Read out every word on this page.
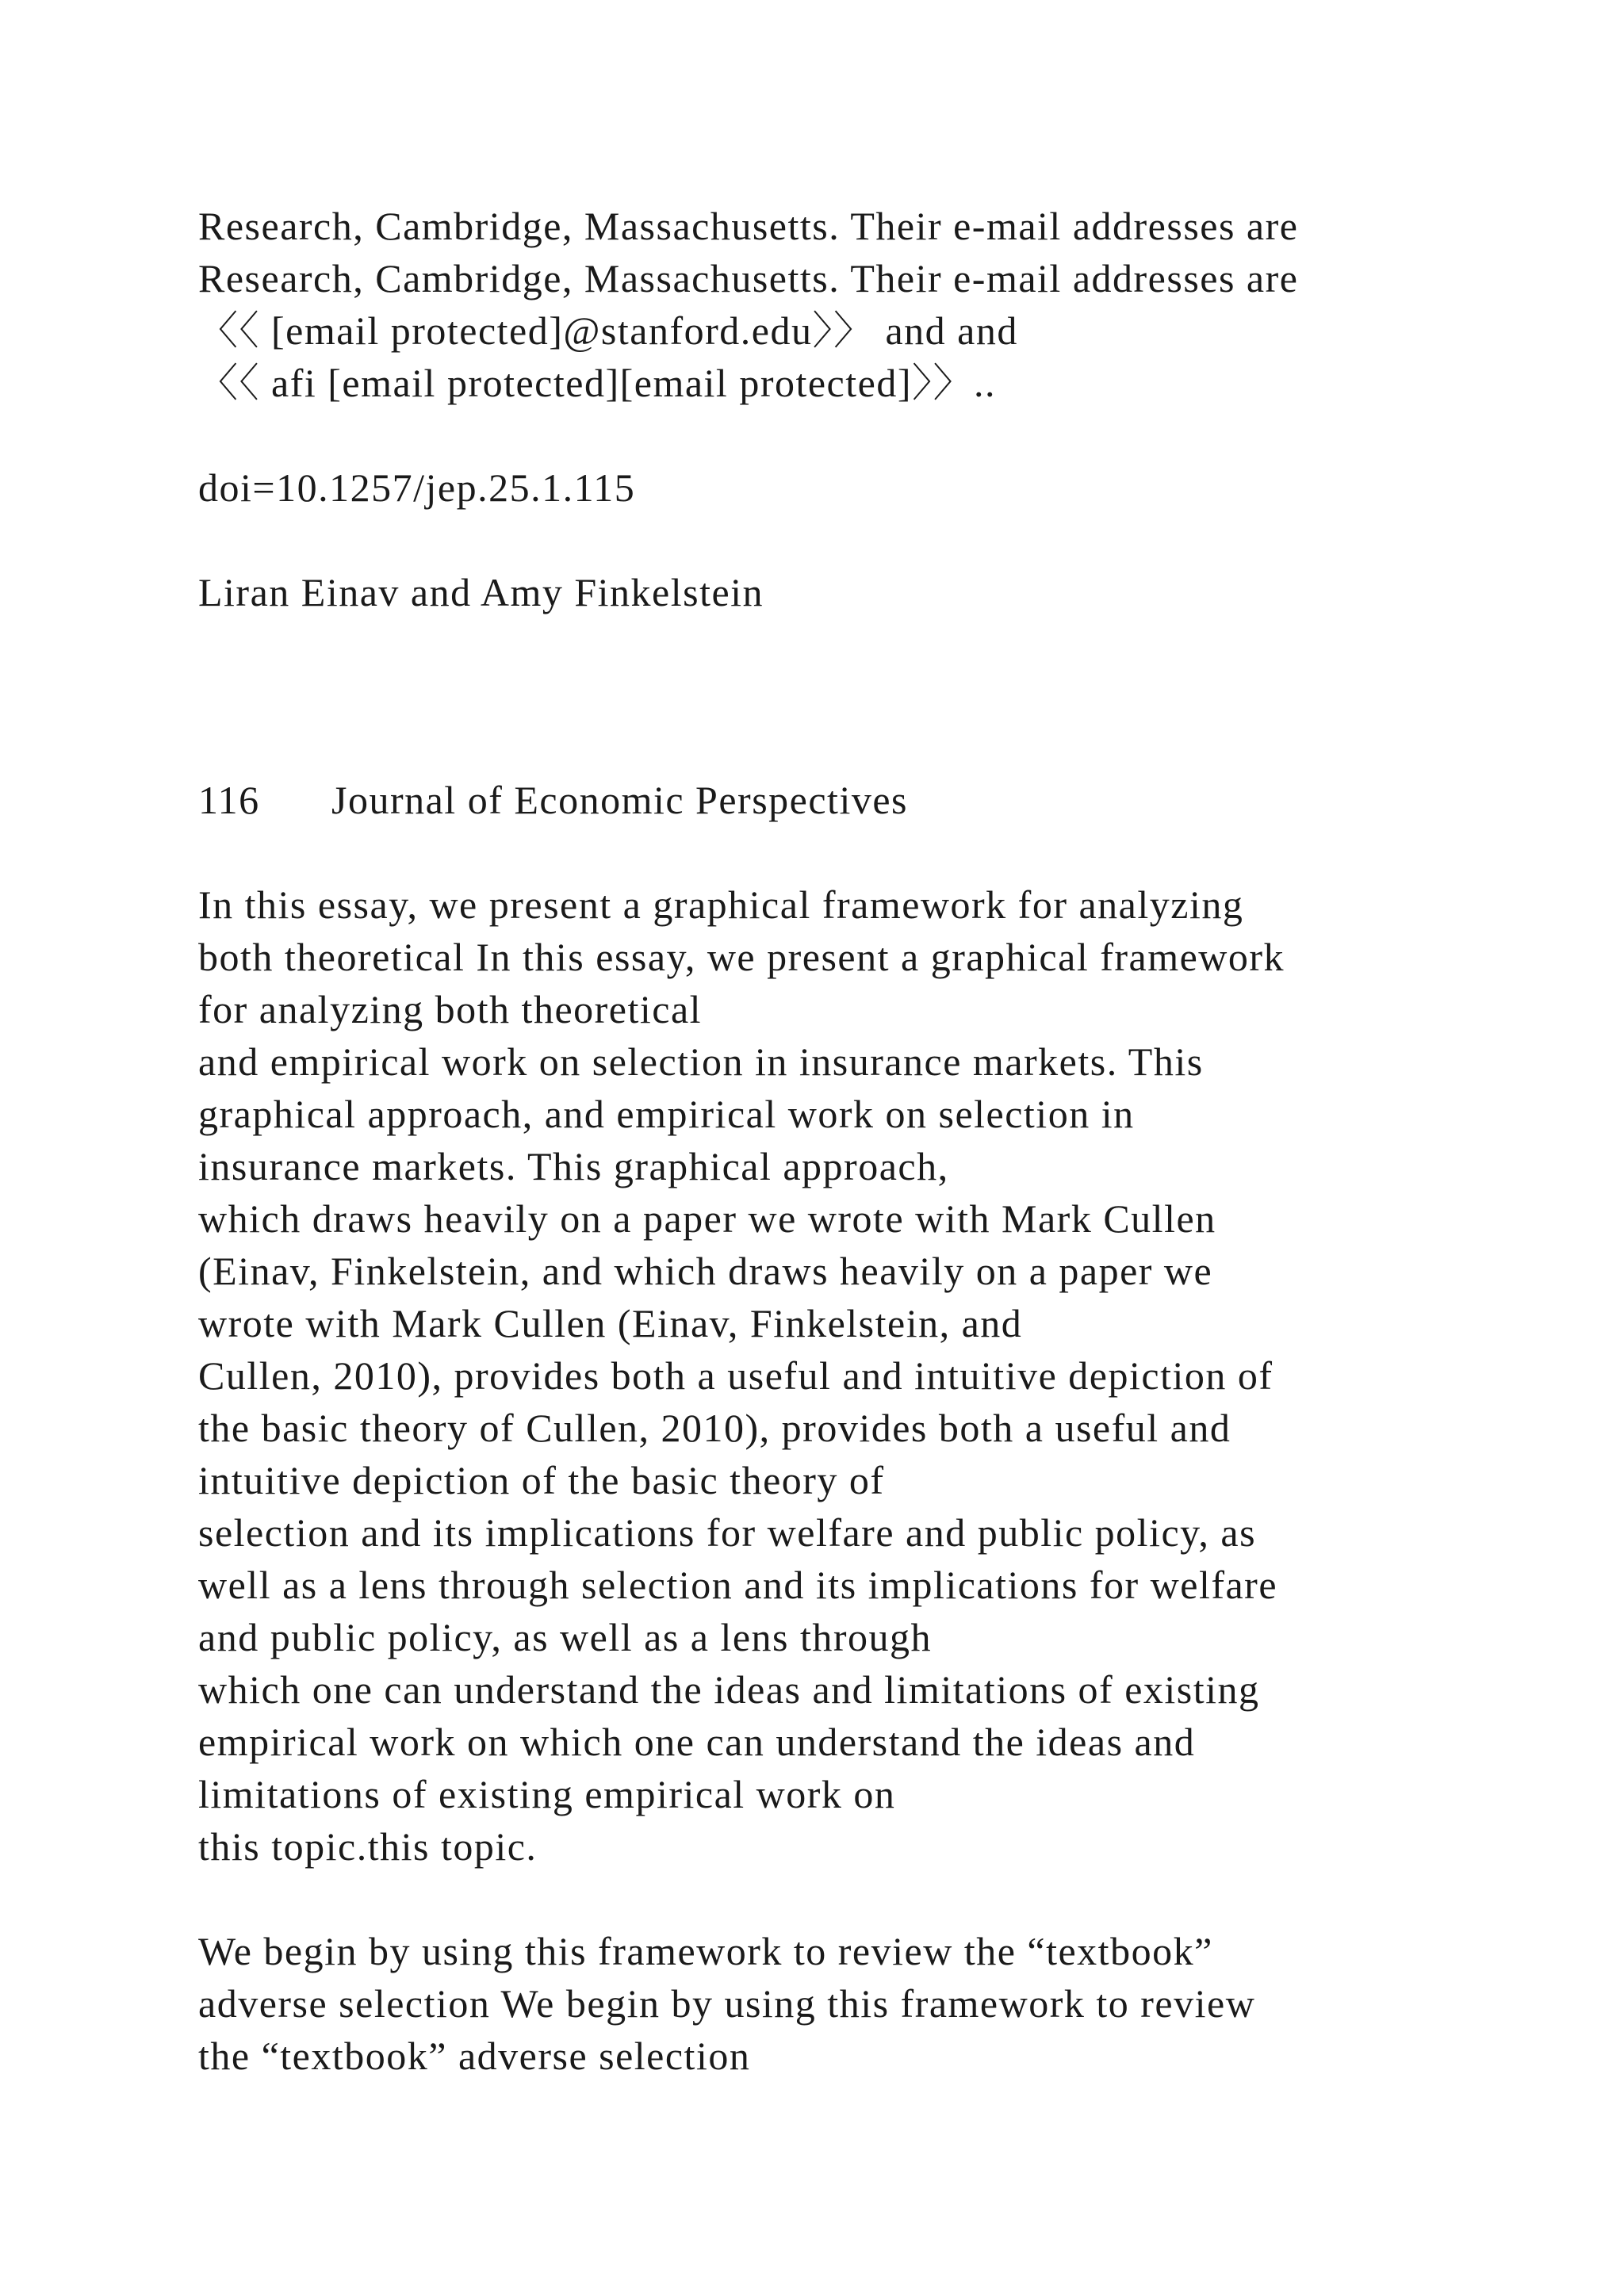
Research, Cambridge, Massachusetts. Their e-mail addresses are
Research, Cambridge, Massachusetts. Their e-mail addresses are
〈〈 [email protected]@stanford.edu〉〉 and and
〈〈 afi [email protected][email protected]〉〉..
doi=10.1257/jep.25.1.115
Liran Einav and Amy Finkelstein
116 Journal of Economic Perspectives
In this essay, we present a graphical framework for analyzing
both theoretical In this essay, we present a graphical framework
for analyzing both theoretical
and empirical work on selection in insurance markets. This
graphical approach, and empirical work on selection in
insurance markets. This graphical approach,
which draws heavily on a paper we wrote with Mark Cullen
(Einav, Finkelstein, and which draws heavily on a paper we
wrote with Mark Cullen (Einav, Finkelstein, and
Cullen, 2010), provides both a useful and intuitive depiction of
the basic theory of Cullen, 2010), provides both a useful and
intuitive depiction of the basic theory of
selection and its implications for welfare and public policy, as
well as a lens through selection and its implications for welfare
and public policy, as well as a lens through
which one can understand the ideas and limitations of existing
empirical work on which one can understand the ideas and
limitations of existing empirical work on
this topic.this topic.
We begin by using this framework to review the “textbook”
adverse selection We begin by using this framework to review
the “textbook” adverse selection
